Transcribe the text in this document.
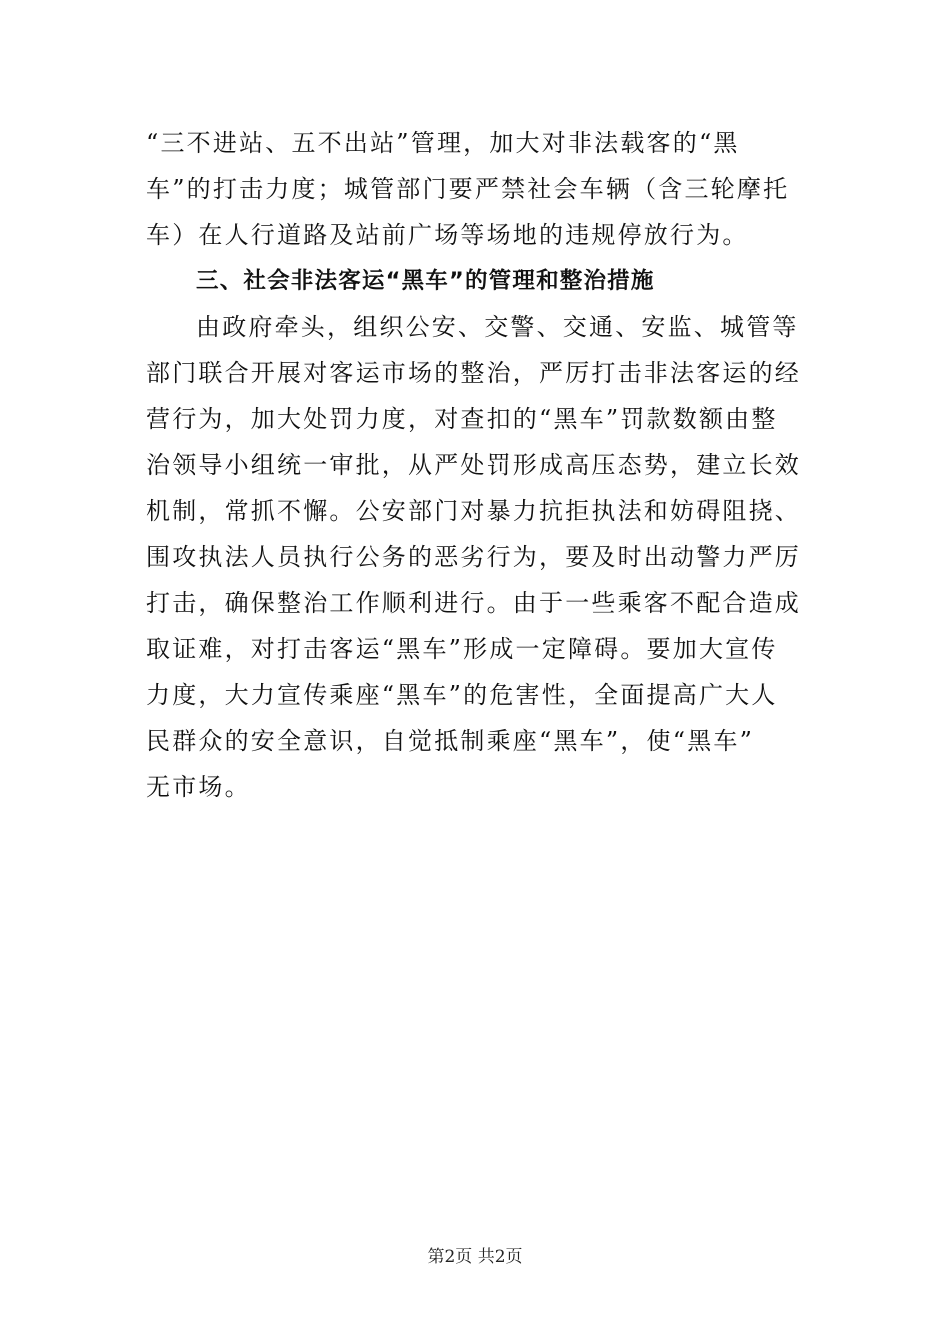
“三不进站、五不出站”管理，加大对非法载客的“黑
车”的打击力度；城管部门要严禁社会车辆（含三轮摩托
车）在人行道路及站前广场等场地的违规停放行为。
三、社会非法客运“黑车”的管理和整治措施
由政府牵头，组织公安、交警、交通、安监、城管等
部门联合开展对客运市场的整治，严厉打击非法客运的经
营行为，加大处罚力度，对查扣的“黑车”罚款数额由整
治领导小组统一审批，从严处罚形成高压态势，建立长效
机制，常抓不懈。公安部门对暴力抗拒执法和妨碍阻挠、
围攻执法人员执行公务的恶劣行为，要及时出动警力严厉
打击，确保整治工作顺利进行。由于一些乘客不配合造成
取证难，对打击客运“黑车”形成一定障碍。要加大宣传
力度，大力宣传乘座“黑车”的危害性，全面提高广大人
民群众的安全意识，自觉抵制乘座“黑车”，使“黑车”
无市场。
第2页 共2页
